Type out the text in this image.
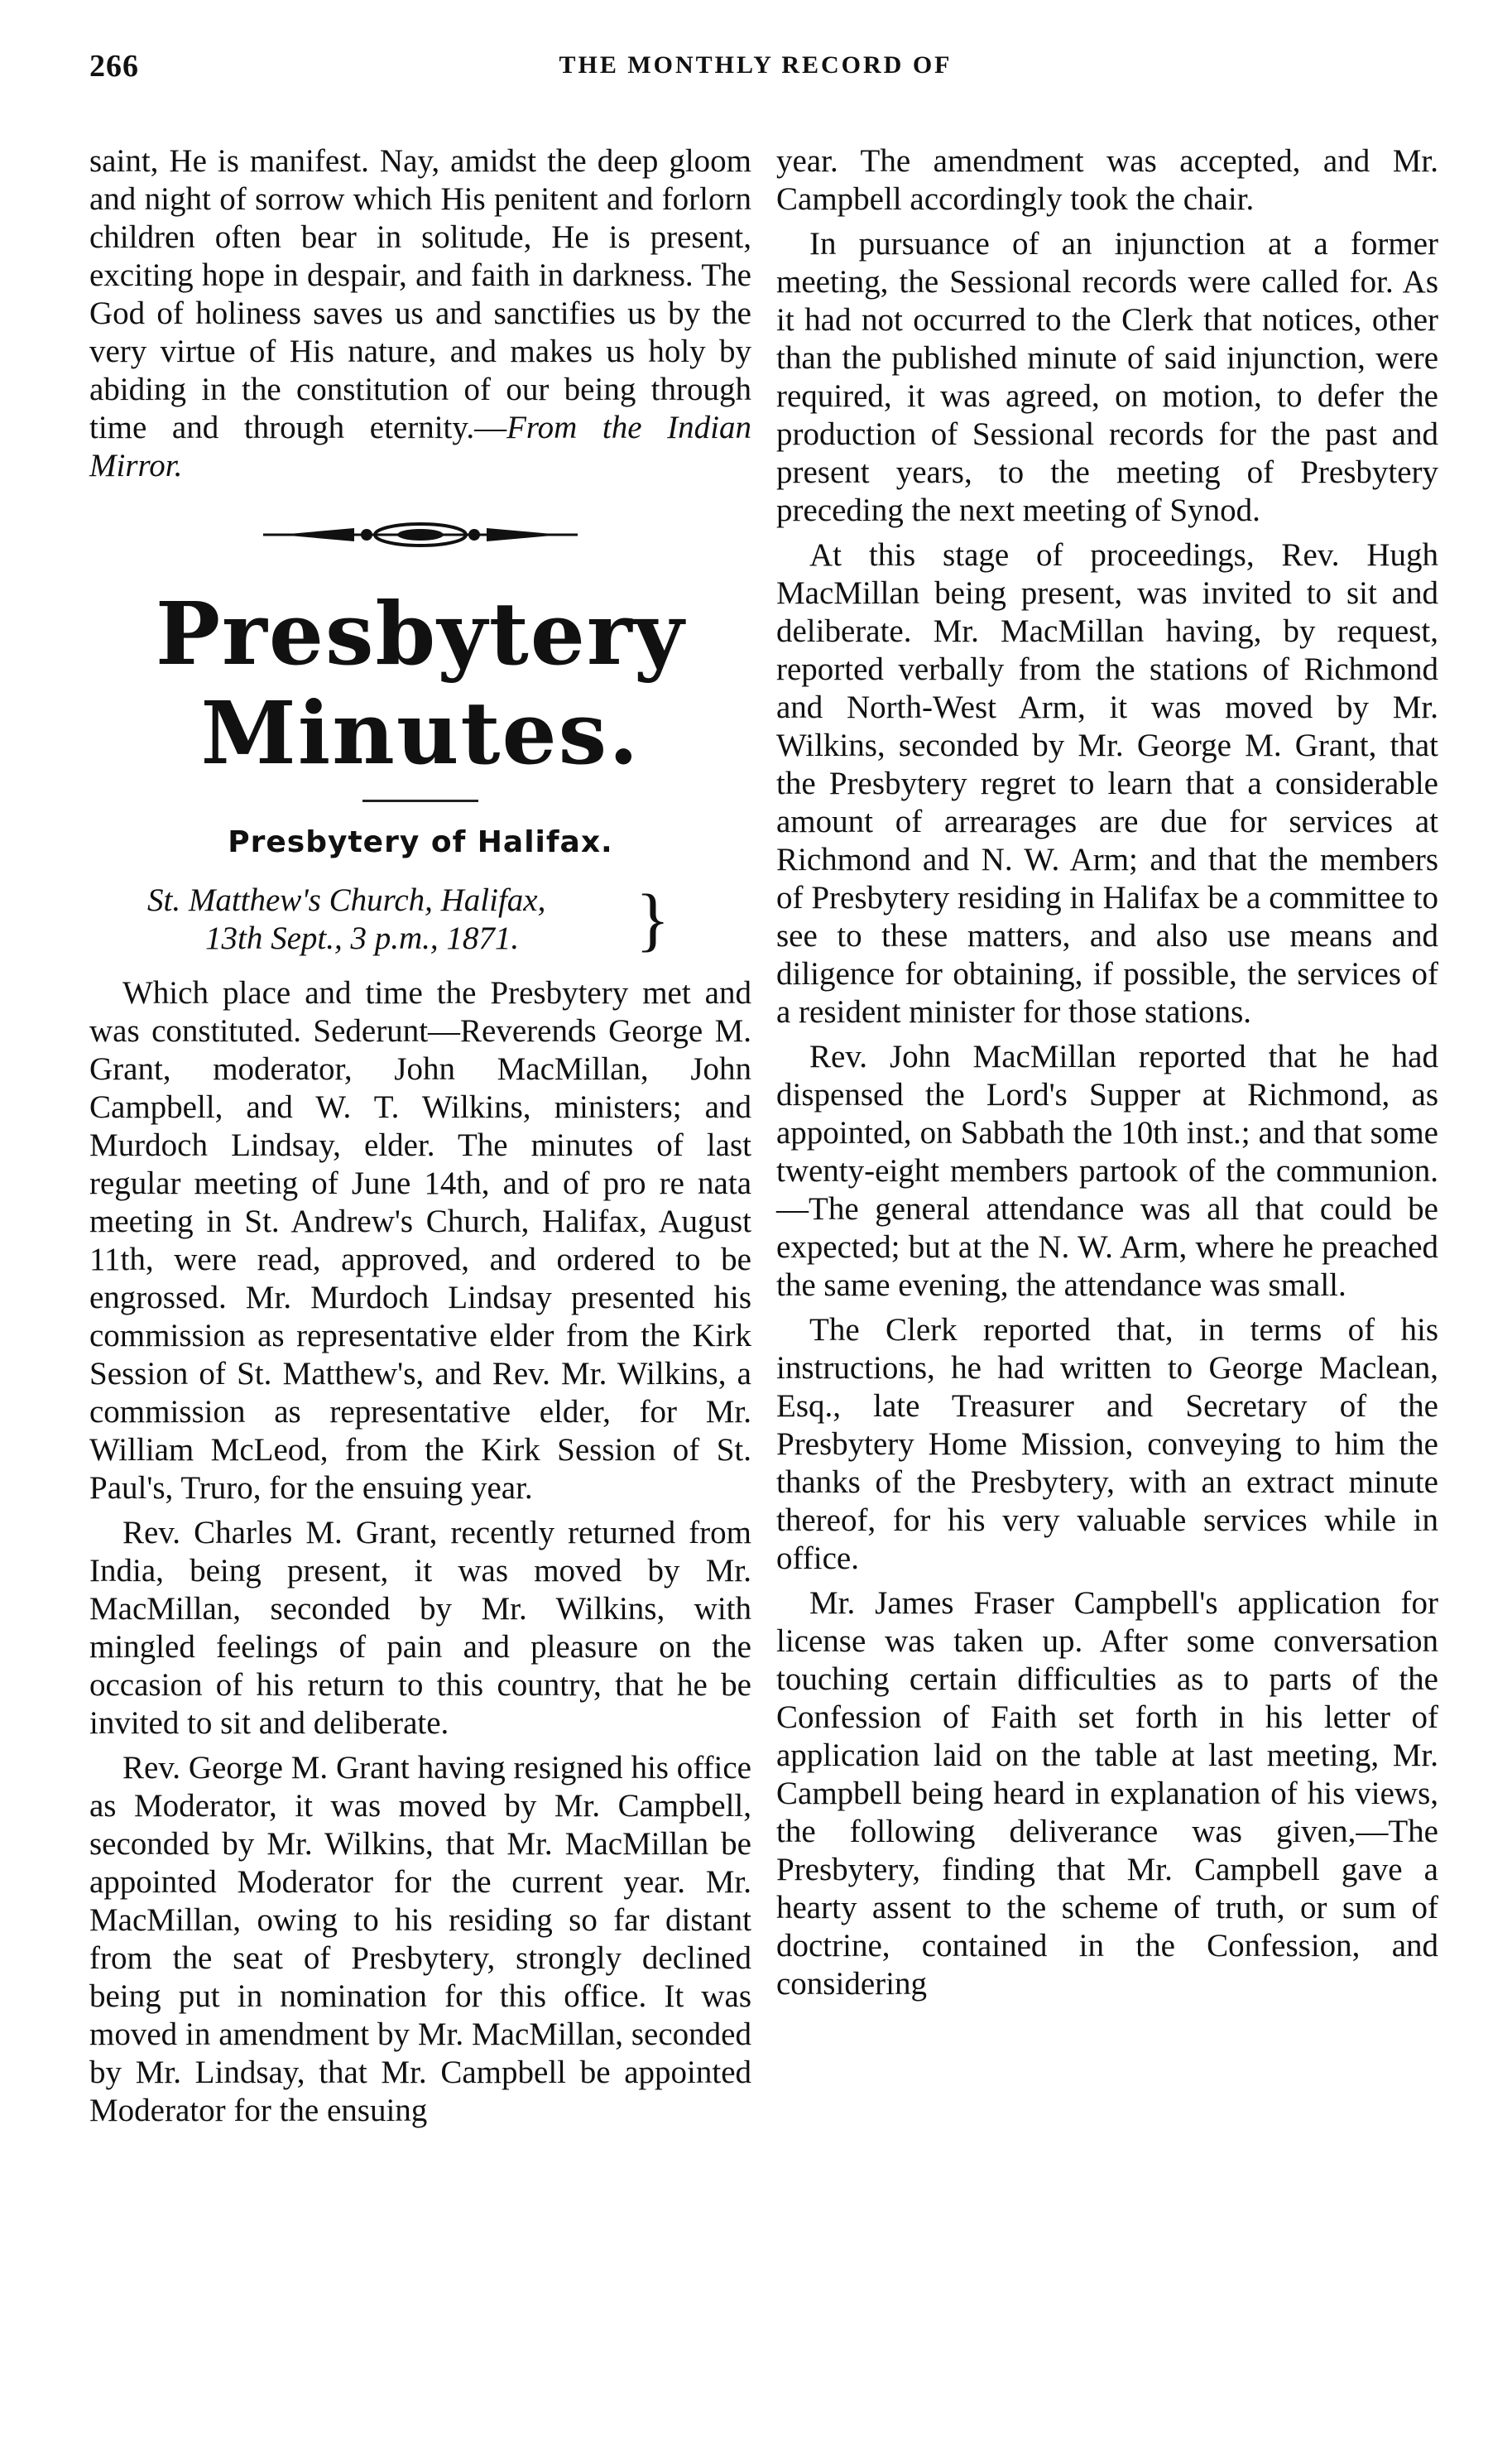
266	THE MONTHLY RECORD OF

saint, He is manifest. Nay, amidst the deep gloom and night of sorrow which His penitent and forlorn children often bear in solitude, He is present, exciting hope in despair, and faith in darkness. The God of holiness saves us and sanctifies us by the very virtue of His nature, and makes us holy by abiding in the constitution of our being through time and through eternity.—From the Indian Mirror.

Presbytery Minutes.
Presbytery of Halifax.
St. Matthew's Church, Halifax,
13th Sept., 3 p.m., 1871. }

Which place and time the Presbytery met and was constituted. Sederunt—Reverends George M. Grant, moderator, John MacMillan, John Campbell, and W. T. Wilkins, ministers; and Murdoch Lindsay, elder. The minutes of last regular meeting of June 14th, and of pro re nata meeting in St. Andrew's Church, Halifax, August 11th, were read, approved, and ordered to be engrossed. Mr. Murdoch Lindsay presented his commission as representative elder from the Kirk Session of St. Matthew's, and Rev. Mr. Wilkins, a commission as representative elder, for Mr. William McLeod, from the Kirk Session of St. Paul's, Truro, for the ensuing year.

Rev. Charles M. Grant, recently returned from India, being present, it was moved by Mr. MacMillan, seconded by Mr. Wilkins, with mingled feelings of pain and pleasure on the occasion of his return to this country, that he be invited to sit and deliberate.

Rev. George M. Grant having resigned his office as Moderator, it was moved by Mr. Campbell, seconded by Mr. Wilkins, that Mr. MacMillan be appointed Moderator for the current year. Mr. MacMillan, owing to his residing so far distant from the seat of Presbytery, strongly declined being put in nomination for this office. It was moved in amendment by Mr. MacMillan, seconded by Mr. Lindsay, that Mr. Campbell be appointed Moderator for the ensuing

year. The amendment was accepted, and Mr. Campbell accordingly took the chair.

In pursuance of an injunction at a former meeting, the Sessional records were called for. As it had not occurred to the Clerk that notices, other than the published minute of said injunction, were required, it was agreed, on motion, to defer the production of Sessional records for the past and present years, to the meeting of Presbytery preceding the next meeting of Synod.

At this stage of proceedings, Rev. Hugh MacMillan being present, was invited to sit and deliberate. Mr. MacMillan having, by request, reported verbally from the stations of Richmond and North-West Arm, it was moved by Mr. Wilkins, seconded by Mr. George M. Grant, that the Presbytery regret to learn that a considerable amount of arrearages are due for services at Richmond and N. W. Arm; and that the members of Presbytery residing in Halifax be a committee to see to these matters, and also use means and diligence for obtaining, if possible, the services of a resident minister for those stations.

Rev. John MacMillan reported that he had dispensed the Lord's Supper at Richmond, as appointed, on Sabbath the 10th inst.; and that some twenty-eight members partook of the communion.—The general attendance was all that could be expected; but at the N. W. Arm, where he preached the same evening, the attendance was small.

The Clerk reported that, in terms of his instructions, he had written to George Maclean, Esq., late Treasurer and Secretary of the Presbytery Home Mission, conveying to him the thanks of the Presbytery, with an extract minute thereof, for his very valuable services while in office.

Mr. James Fraser Campbell's application for license was taken up. After some conversation touching certain difficulties as to parts of the Confession of Faith set forth in his letter of application laid on the table at last meeting, Mr. Campbell being heard in explanation of his views, the following deliverance was given,—The Presbytery, finding that Mr. Campbell gave a hearty assent to the scheme of truth, or sum of doctrine, contained in the Confession, and considering
